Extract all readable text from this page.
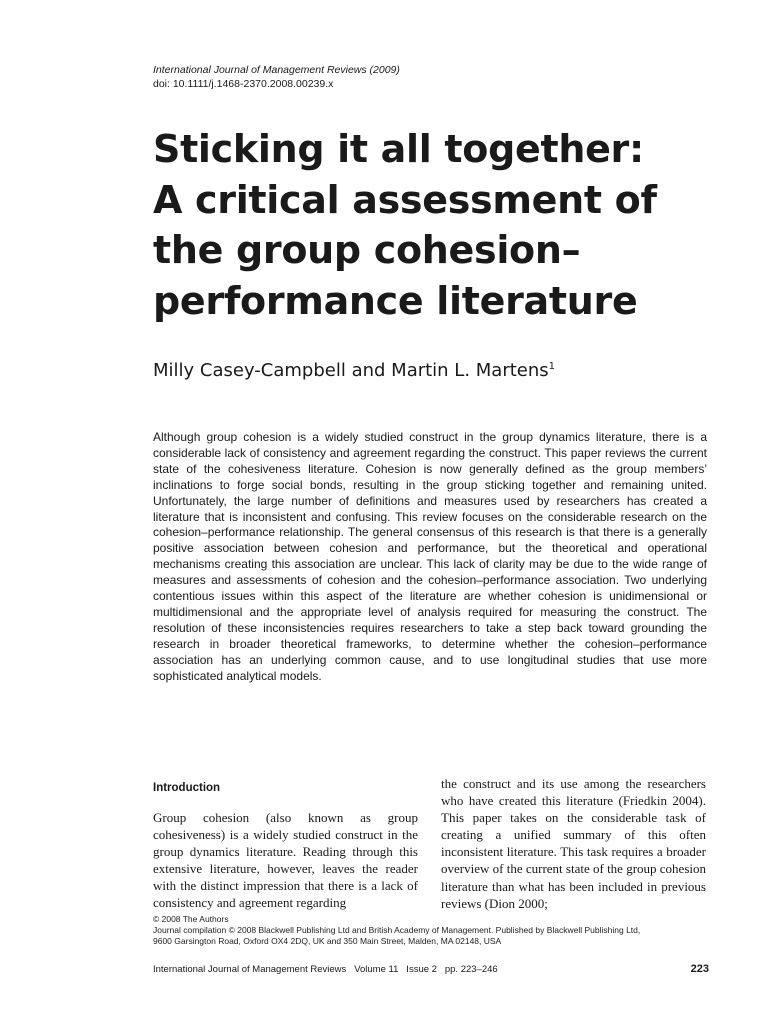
International Journal of Management Reviews (2009)
doi: 10.1111/j.1468-2370.2008.00239.x
Sticking it all together:
A critical assessment of
the group cohesion–
performance literature
Milly Casey-Campbell and Martin L. Martens$^1$

Although group cohesion is a widely studied construct in the group dynamics literature, there is a considerable lack of consistency and agreement regarding the construct. This paper reviews the current state of the cohesiveness literature. Cohesion is now generally defined as the group members’ inclinations to forge social bonds, resulting in the group sticking together and remaining united. Unfortunately, the large number of definitions and measures used by researchers has created a literature that is inconsistent and confusing. This review focuses on the considerable research on the cohesion–performance relationship. The general consensus of this research is that there is a generally positive association between cohesion and performance, but the theoretical and operational mechanisms creating this association are unclear. This lack of clarity may be due to the wide range of measures and assessments of cohesion and the cohesion–performance association. Two underlying contentious issues within this aspect of the literature are whether cohesion is unidimensional or multidimensional and the appropriate level of analysis required for measuring the construct. The resolution of these inconsistencies requires researchers to take a step back toward grounding the research in broader theoretical frameworks, to determine whether the cohesion–performance association has an underlying common cause, and to use longitudinal studies that use more sophisticated analytical models.

Introduction

Group cohesion (also known as group cohesiveness) is a widely studied construct in the group dynamics literature. Reading through this extensive literature, however, leaves the reader with the distinct impression that there is a lack of consistency and agreement regarding

the construct and its use among the researchers who have created this literature (Friedkin 2004). This paper takes on the considerable task of creating a unified summary of this often inconsistent literature. This task requires a broader overview of the current state of the group cohesion literature than what has been included in previous reviews (Dion 2000;

© 2008 The Authors
Journal compilation © 2008 Blackwell Publishing Ltd and British Academy of Management. Published by Blackwell Publishing Ltd,
9600 Garsington Road, Oxford OX4 2DQ, UK and 350 Main Street, Malden, MA 02148, USA
International Journal of Management Reviews   Volume 11   Issue 2   pp. 223–246	223
